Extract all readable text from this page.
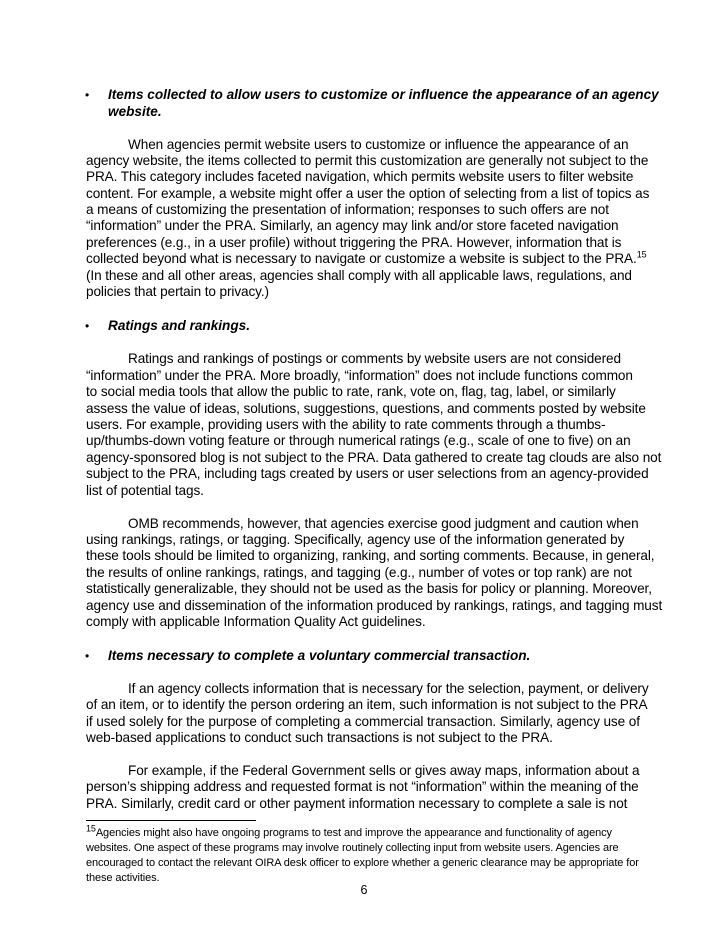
• Items collected to allow users to customize or influence the appearance of an agency
website.
When agencies permit website users to customize or influence the appearance of an
agency website, the items collected to permit this customization are generally not subject to the
PRA. This category includes faceted navigation, which permits website users to filter website
content. For example, a website might offer a user the option of selecting from a list of topics as
a means of customizing the presentation of information; responses to such offers are not
“information” under the PRA. Similarly, an agency may link and/or store faceted navigation
preferences (e.g., in a user profile) without triggering the PRA. However, information that is
collected beyond what is necessary to navigate or customize a website is subject to the PRA.$^{15}$
(In these and all other areas, agencies shall comply with all applicable laws, regulations, and
policies that pertain to privacy.)
• Ratings and rankings.
Ratings and rankings of postings or comments by website users are not considered
“information” under the PRA. More broadly, “information” does not include functions common
to social media tools that allow the public to rate, rank, vote on, flag, tag, label, or similarly
assess the value of ideas, solutions, suggestions, questions, and comments posted by website
users. For example, providing users with the ability to rate comments through a thumbs-
up/thumbs-down voting feature or through numerical ratings (e.g., scale of one to five) on an
agency-sponsored blog is not subject to the PRA. Data gathered to create tag clouds are also not
subject to the PRA, including tags created by users or user selections from an agency-provided
list of potential tags.
OMB recommends, however, that agencies exercise good judgment and caution when
using rankings, ratings, or tagging. Specifically, agency use of the information generated by
these tools should be limited to organizing, ranking, and sorting comments. Because, in general,
the results of online rankings, ratings, and tagging (e.g., number of votes or top rank) are not
statistically generalizable, they should not be used as the basis for policy or planning. Moreover,
agency use and dissemination of the information produced by rankings, ratings, and tagging must
comply with applicable Information Quality Act guidelines.
• Items necessary to complete a voluntary commercial transaction.
If an agency collects information that is necessary for the selection, payment, or delivery
of an item, or to identify the person ordering an item, such information is not subject to the PRA
if used solely for the purpose of completing a commercial transaction. Similarly, agency use of
web-based applications to conduct such transactions is not subject to the PRA.
For example, if the Federal Government sells or gives away maps, information about a
person’s shipping address and requested format is not “information” within the meaning of the
PRA. Similarly, credit card or other payment information necessary to complete a sale is not
$^{15}$Agencies might also have ongoing programs to test and improve the appearance and functionality of agency
websites. One aspect of these programs may involve routinely collecting input from website users. Agencies are
encouraged to contact the relevant OIRA desk officer to explore whether a generic clearance may be appropriate for
these activities.
6
